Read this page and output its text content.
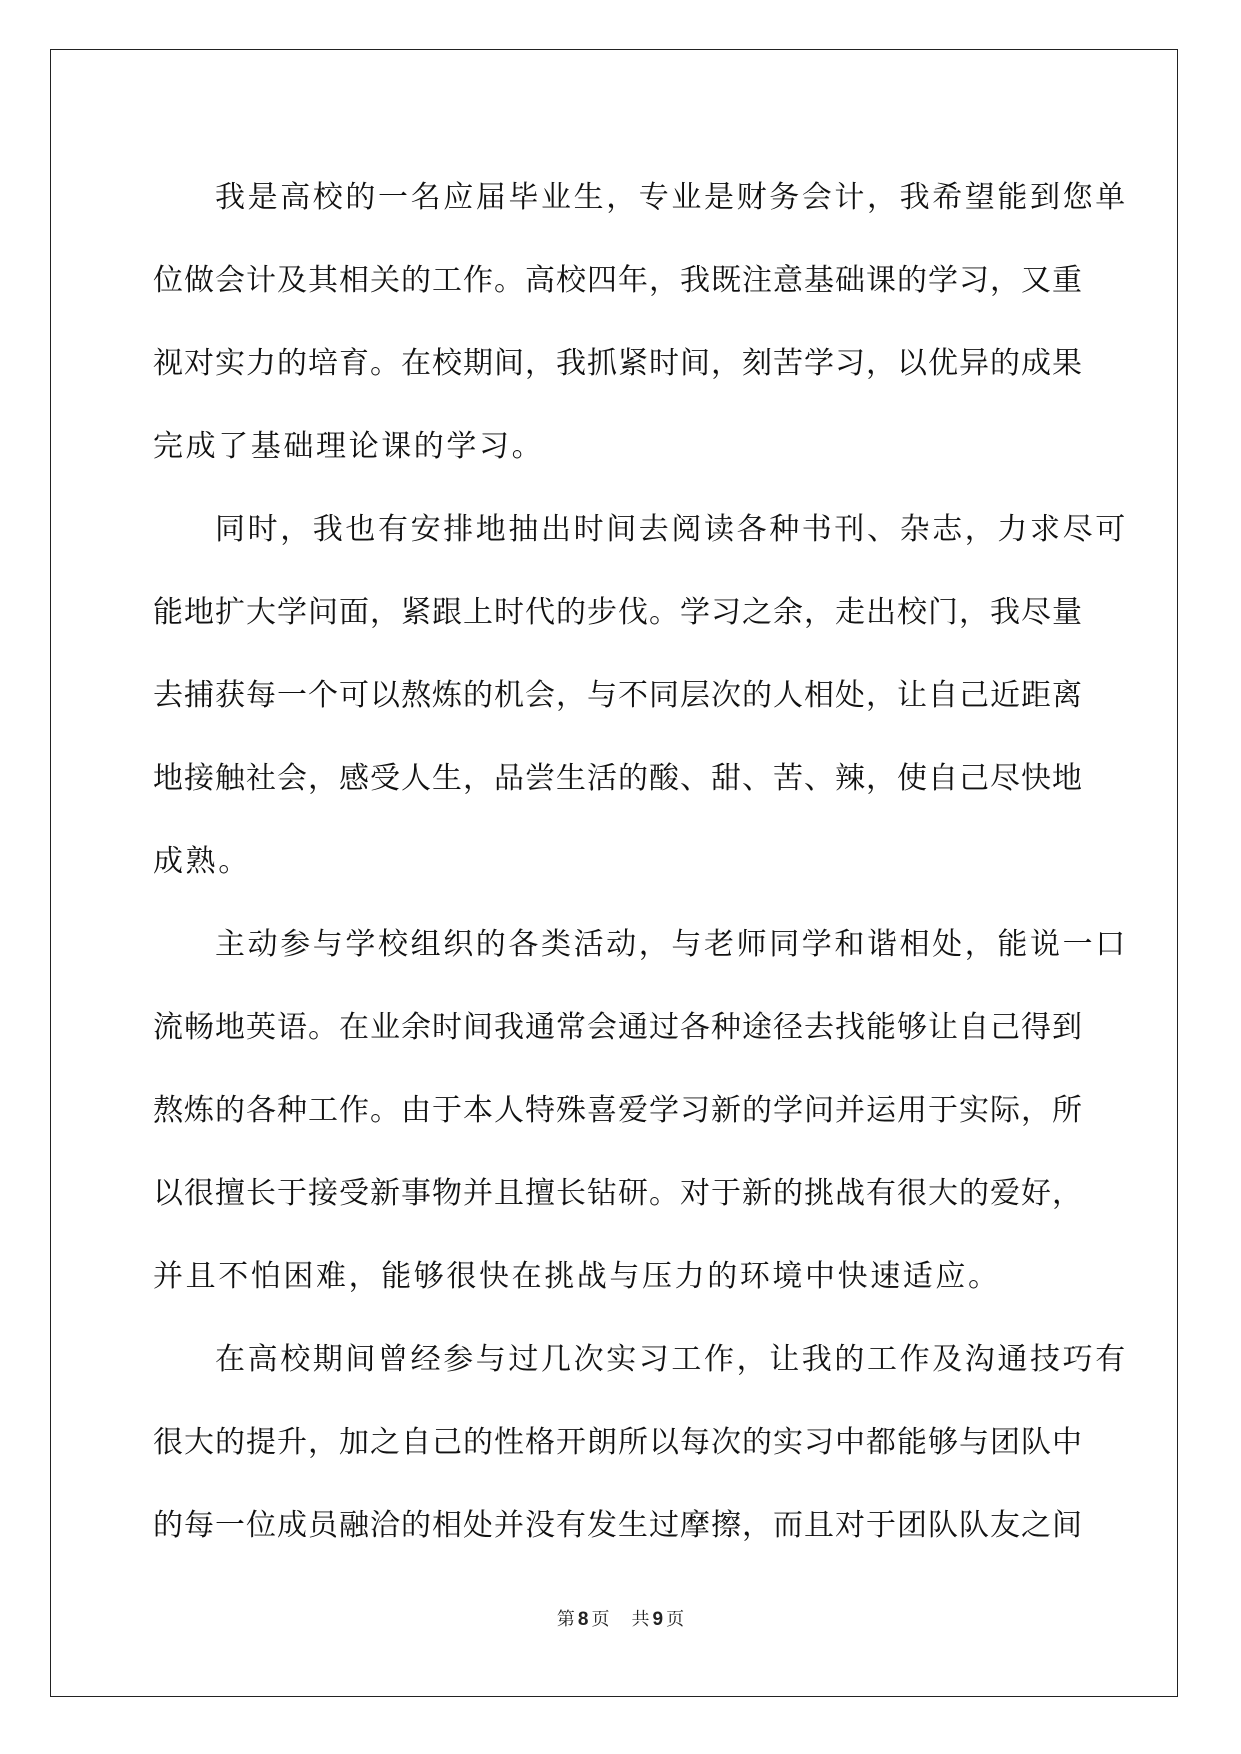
我是高校的一名应届毕业生，专业是财务会计，我希望能到您单
位做会计及其相关的工作。高校四年，我既注意基础课的学习，又重
视对实力的培育。在校期间，我抓紧时间，刻苦学习，以优异的成果
完成了基础理论课的学习。
同时，我也有安排地抽出时间去阅读各种书刊、杂志，力求尽可
能地扩大学问面，紧跟上时代的步伐。学习之余，走出校门，我尽量
去捕获每一个可以熬炼的机会，与不同层次的人相处，让自己近距离
地接触社会，感受人生，品尝生活的酸、甜、苦、辣，使自己尽快地
成熟。
主动参与学校组织的各类活动，与老师同学和谐相处，能说一口
流畅地英语。在业余时间我通常会通过各种途径去找能够让自己得到
熬炼的各种工作。由于本人特殊喜爱学习新的学问并运用于实际，所
以很擅长于接受新事物并且擅长钻研。对于新的挑战有很大的爱好，
并且不怕困难，能够很快在挑战与压力的环境中快速适应。
在高校期间曾经参与过几次实习工作，让我的工作及沟通技巧有
很大的提升，加之自己的性格开朗所以每次的实习中都能够与团队中
的每一位成员融洽的相处并没有发生过摩擦，而且对于团队队友之间
第 8 页 共 9 页
